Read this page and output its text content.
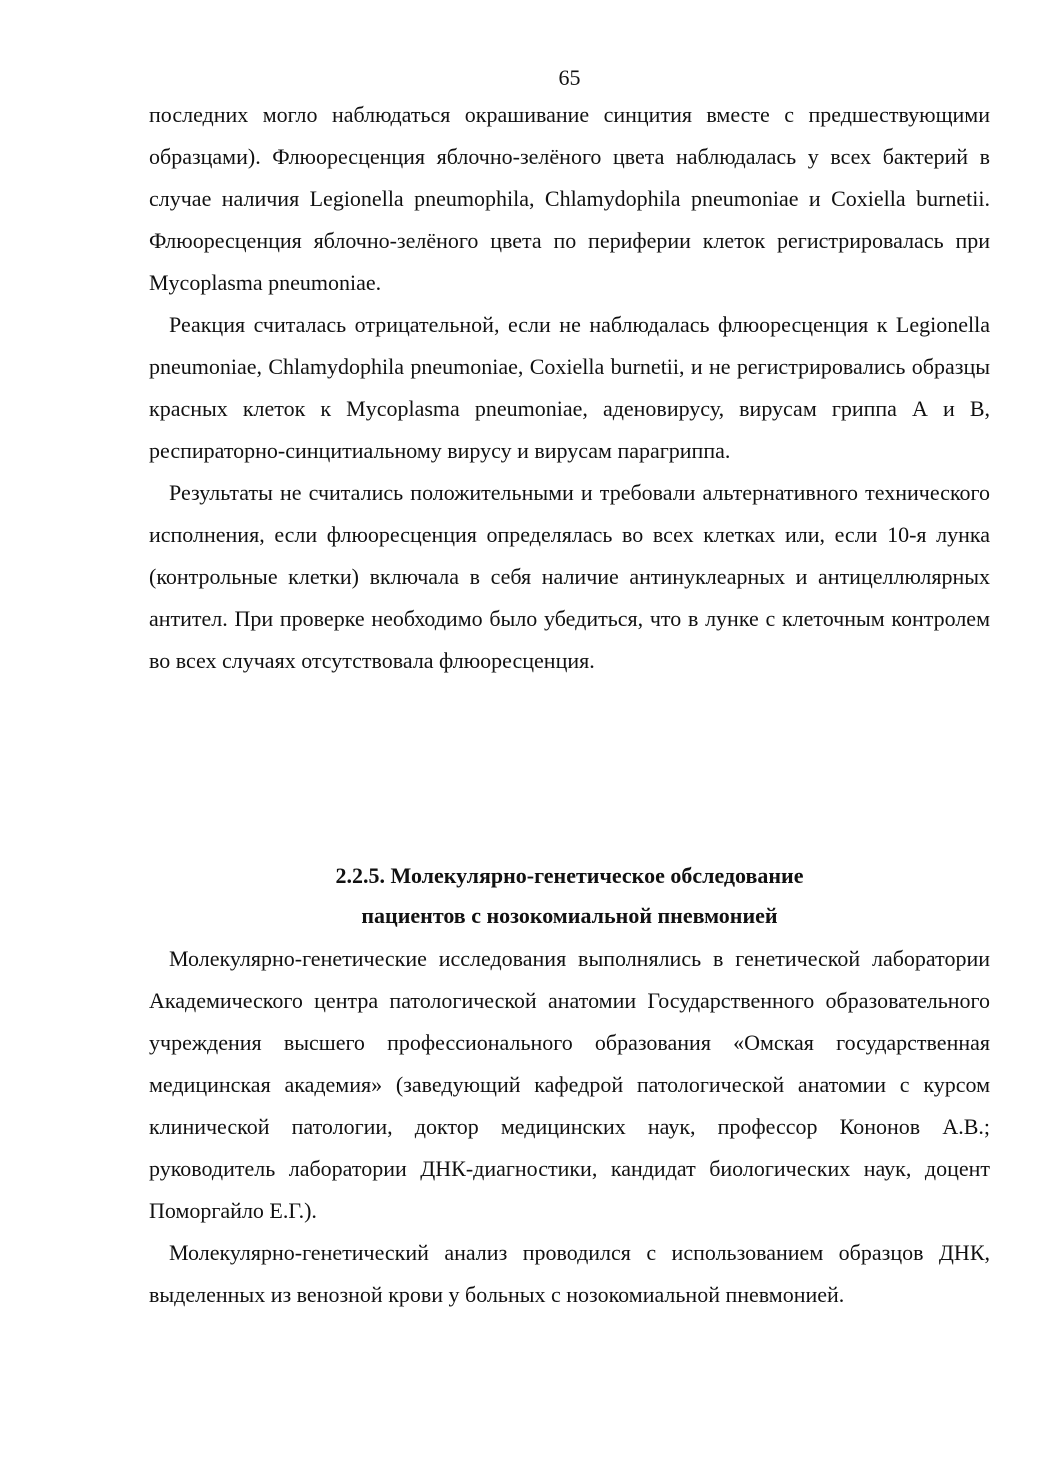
65

последних могло наблюдаться окрашивание синцития вместе с предшествующими образцами). Флюоресценция яблочно-зелёного цвета наблюдалась у всех бактерий в случае наличия Legionella pneumophila, Chlamydophila pneumoniae и Coxiella burnetii. Флюоресценция яблочно-зелёного цвета по периферии клеток регистрировалась при Mycoplasma pneumoniae.

Реакция считалась отрицательной, если не наблюдалась флюоресценция к Legionella pneumoniae, Chlamydophila pneumoniae, Coxiella burnetii, и не регистрировались образцы красных клеток к Mycoplasma pneumoniae, аденовирусу, вирусам гриппа А и В, респираторно-синцитиальному вирусу и вирусам парагриппа.

Результаты не считались положительными и требовали альтернативного технического исполнения, если флюоресценция определялась во всех клетках или, если 10-я лунка (контрольные клетки) включала в себя наличие антинуклеарных и антицеллюлярных антител. При проверке необходимо было убедиться, что в лунке с клеточным контролем во всех случаях отсутствовала флюоресценция.

2.2.5. Молекулярно-генетическое обследование
пациентов с нозокомиальной пневмонией

Молекулярно-генетические исследования выполнялись в генетической лаборатории Академического центра патологической анатомии Государственного образовательного учреждения высшего профессионального образования «Омская государственная медицинская академия» (заведующий кафедрой патологической анатомии с курсом клинической патологии, доктор медицинских наук, профессор Кононов А.В.; руководитель лаборатории ДНК-диагностики, кандидат биологических наук, доцент Поморгайло Е.Г.).

Молекулярно-генетический анализ проводился с использованием образцов ДНК, выделенных из венозной крови у больных с нозокомиальной пневмонией.
